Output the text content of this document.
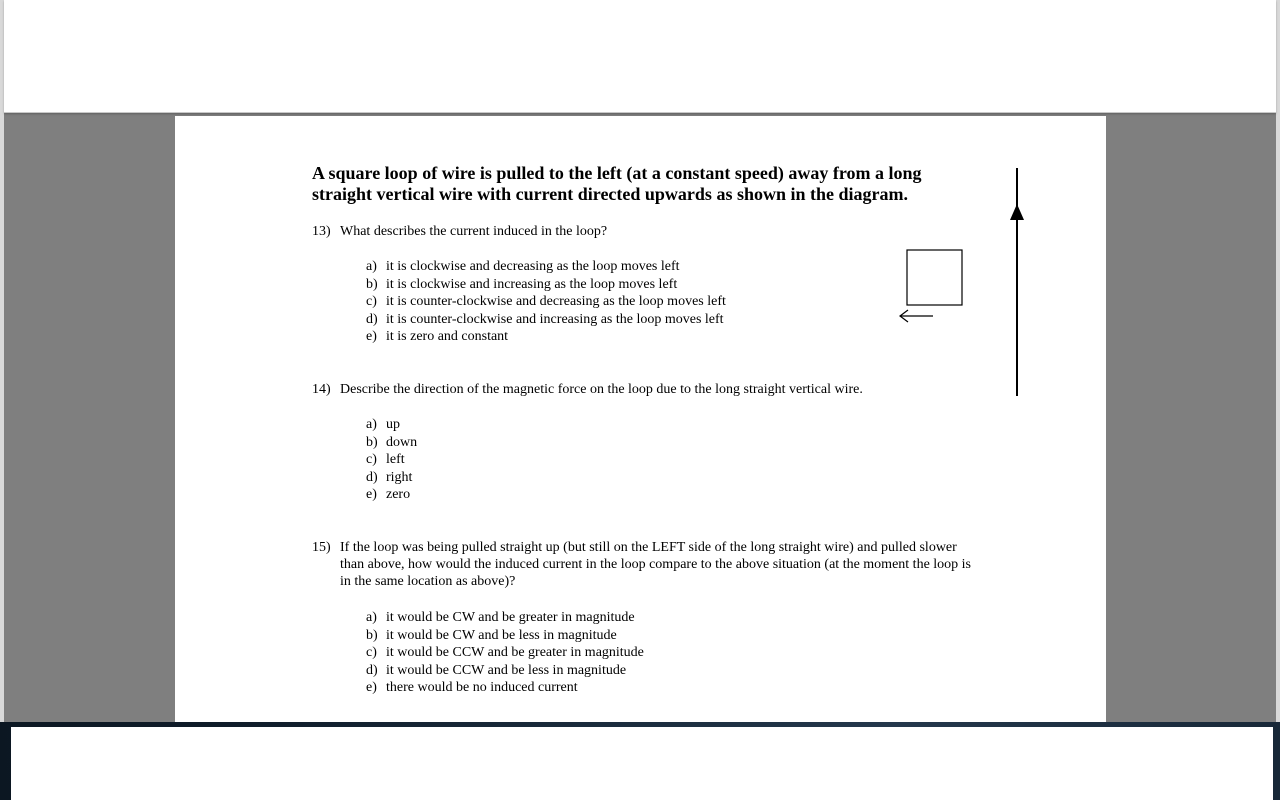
A square loop of wire is pulled to the left (at a constant speed) away from a long straight vertical wire with current directed upwards as shown in the diagram.

13) What describes the current induced in the loop?
a) it is clockwise and decreasing as the loop moves left
b) it is clockwise and increasing as the loop moves left
c) it is counter-clockwise and decreasing as the loop moves left
d) it is counter-clockwise and increasing as the loop moves left
e) it is zero and constant
14) Describe the direction of the magnetic force on the loop due to the long straight vertical wire.
a) up
b) down
c) left
d) right
e) zero
15) If the loop was being pulled straight up (but still on the LEFT side of the long straight wire) and pulled slower than above, how would the induced current in the loop compare to the above situation (at the moment the loop is in the same location as above)?
a) it would be CW and be greater in magnitude
b) it would be CW and be less in magnitude
c) it would be CCW and be greater in magnitude
d) it would be CCW and be less in magnitude
e) there would be no induced current
